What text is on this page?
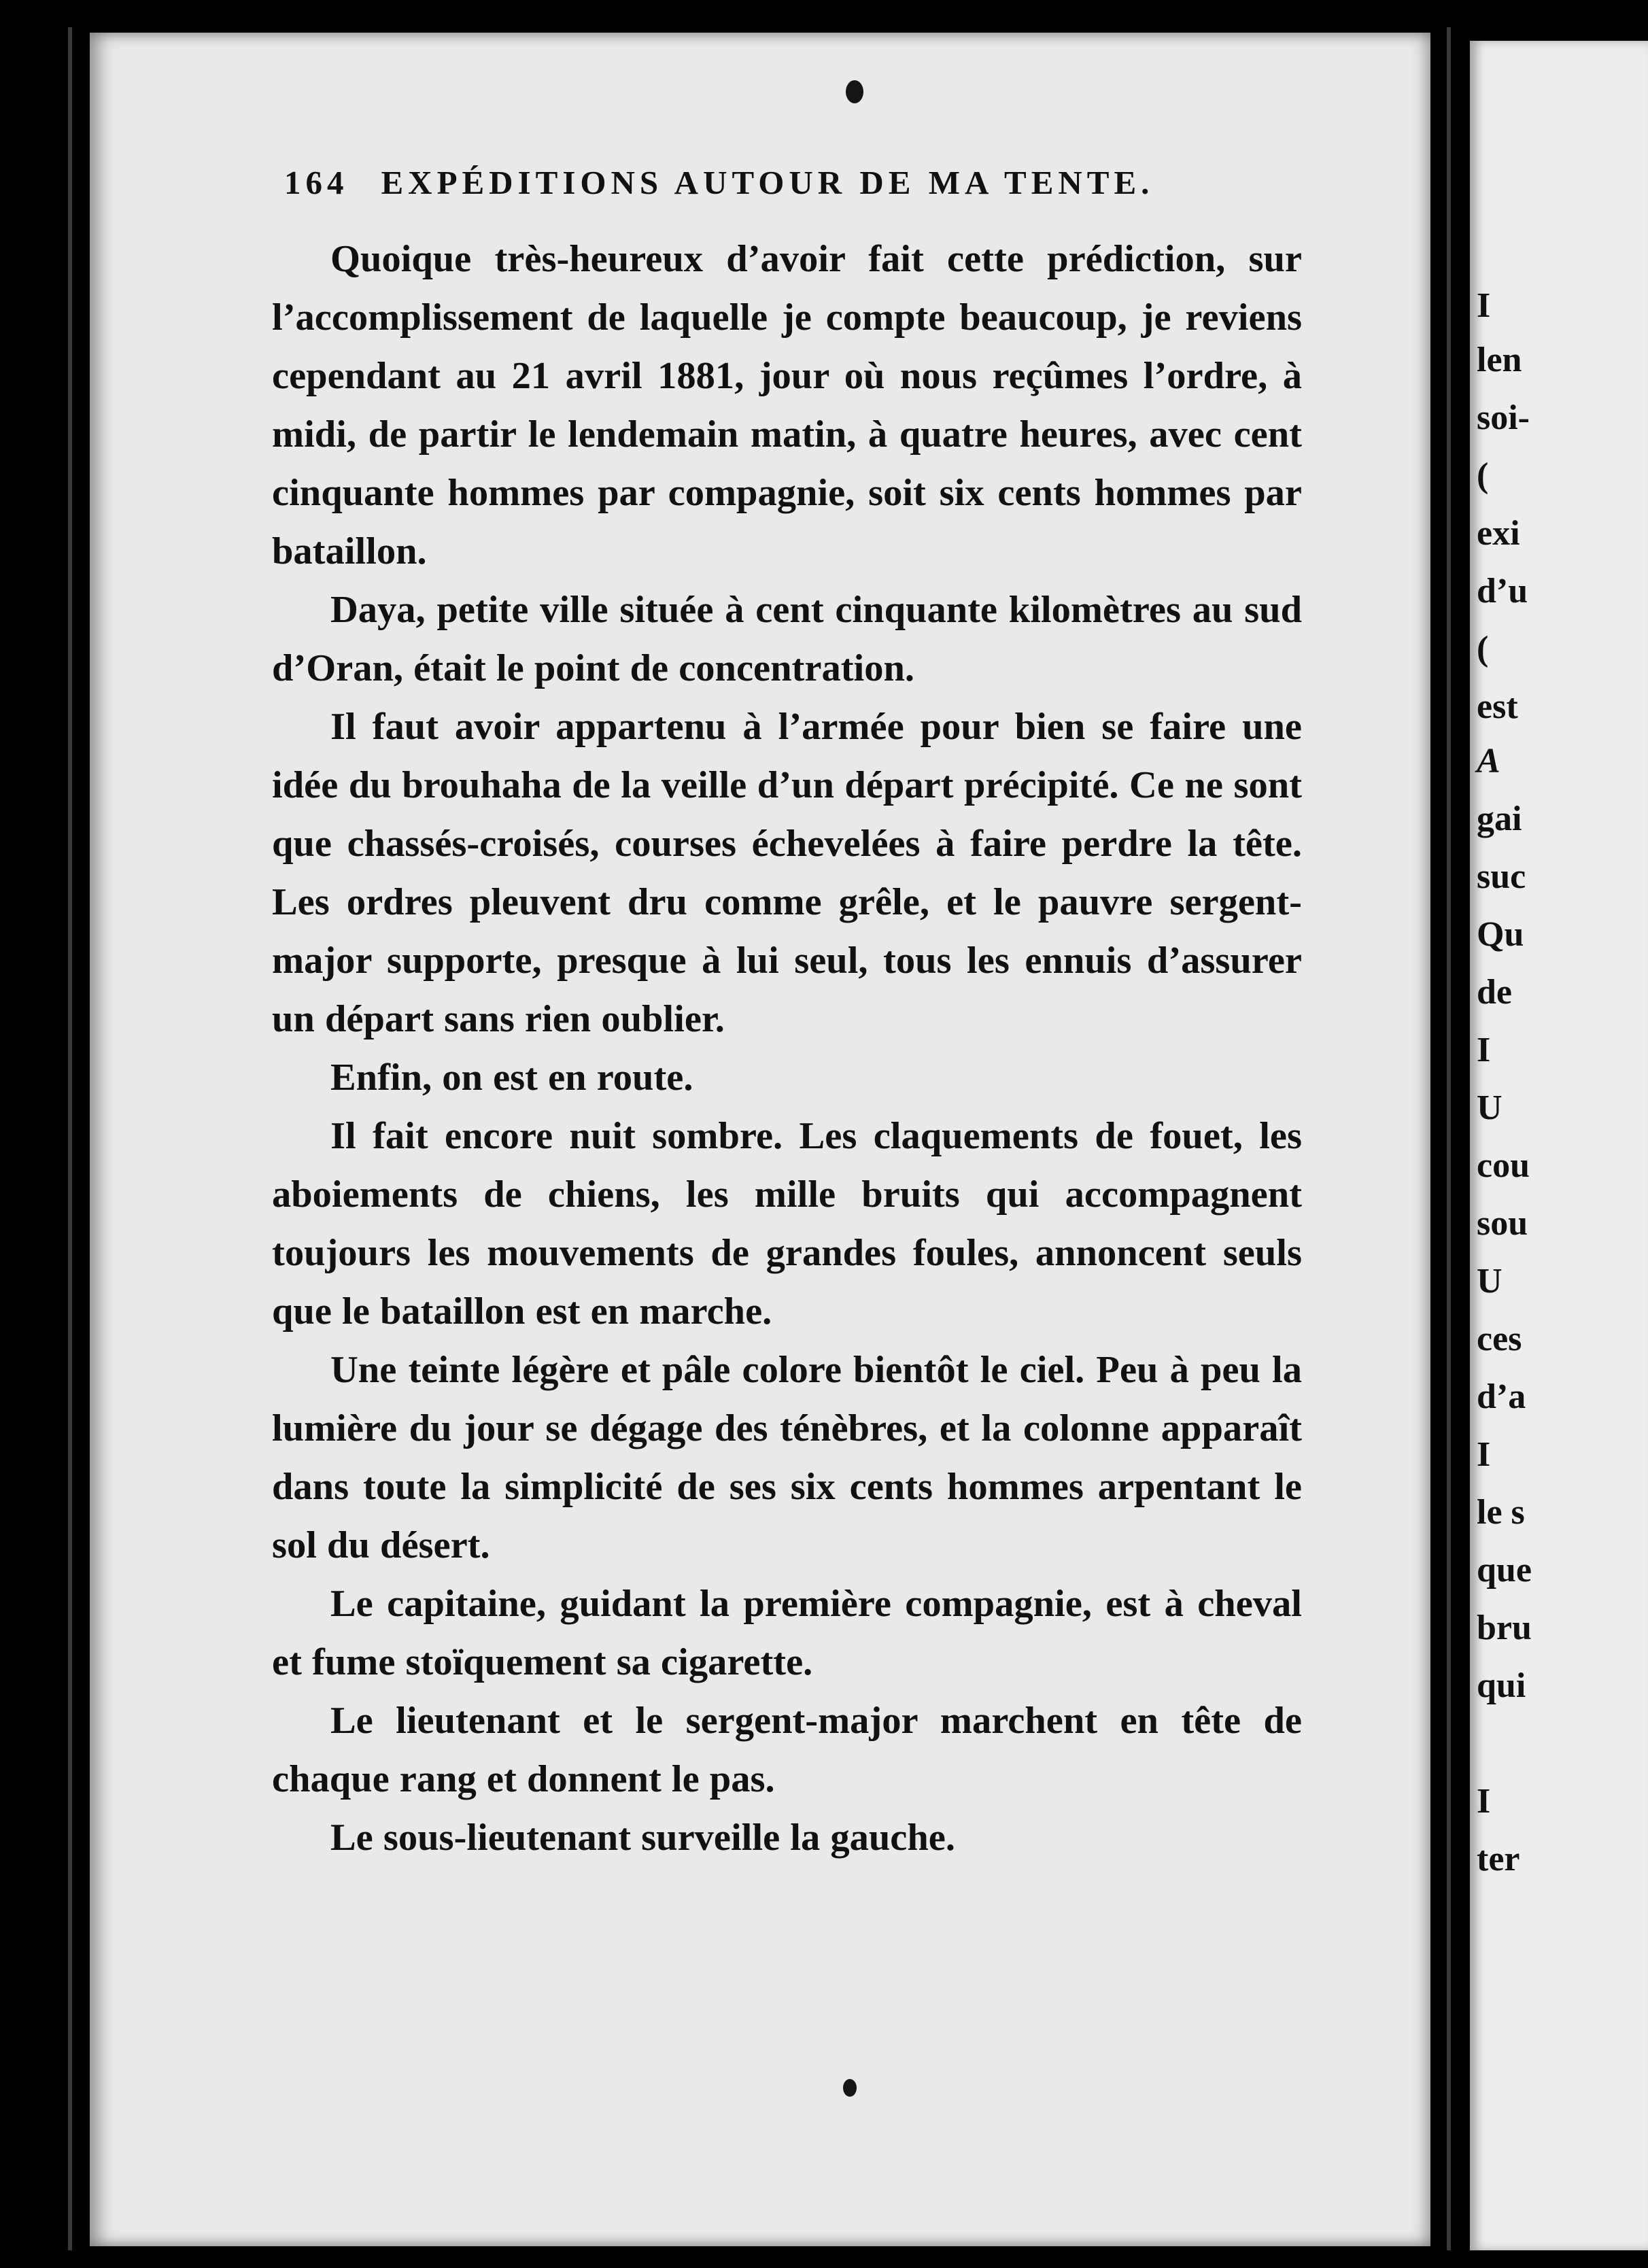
164 EXPÉDITIONS AUTOUR DE MA TENTE.

Quoique très-heureux d’avoir fait cette prédiction, sur l’accomplissement de laquelle je compte beaucoup, je reviens cependant au 21 avril 1881, jour où nous reçûmes l’ordre, à midi, de partir le lendemain matin, à quatre heures, avec cent cinquante hommes par compagnie, soit six cents hommes par bataillon.

Daya, petite ville située à cent cinquante kilomètres au sud d’Oran, était le point de concentration.

Il faut avoir appartenu à l’armée pour bien se faire une idée du brouhaha de la veille d’un départ précipité. Ce ne sont que chassés-croisés, courses échevelées à faire perdre la tête. Les ordres pleuvent dru comme grêle, et le pauvre sergent-major supporte, presque à lui seul, tous les ennuis d’assurer un départ sans rien oublier.

Enfin, on est en route.

Il fait encore nuit sombre. Les claquements de fouet, les aboiements de chiens, les mille bruits qui accompagnent toujours les mouvements de grandes foules, annoncent seuls que le bataillon est en marche.

Une teinte légère et pâle colore bientôt le ciel. Peu à peu la lumière du jour se dégage des ténèbres, et la colonne apparaît dans toute la simplicité de ses six cents hommes arpentant le sol du désert.

Le capitaine, guidant la première compagnie, est à cheval et fume stoïquement sa cigarette.

Le lieutenant et le sergent-major marchent en tête de chaque rang et donnent le pas.

Le sous-lieutenant surveille la gauche.

I
len
soi-
(
exi
d’u
(
est
A
gai
suc
Qu
de
I
U
cou
sou
U
ces
d’a
I
le s
que
bru
qui
I
ter
